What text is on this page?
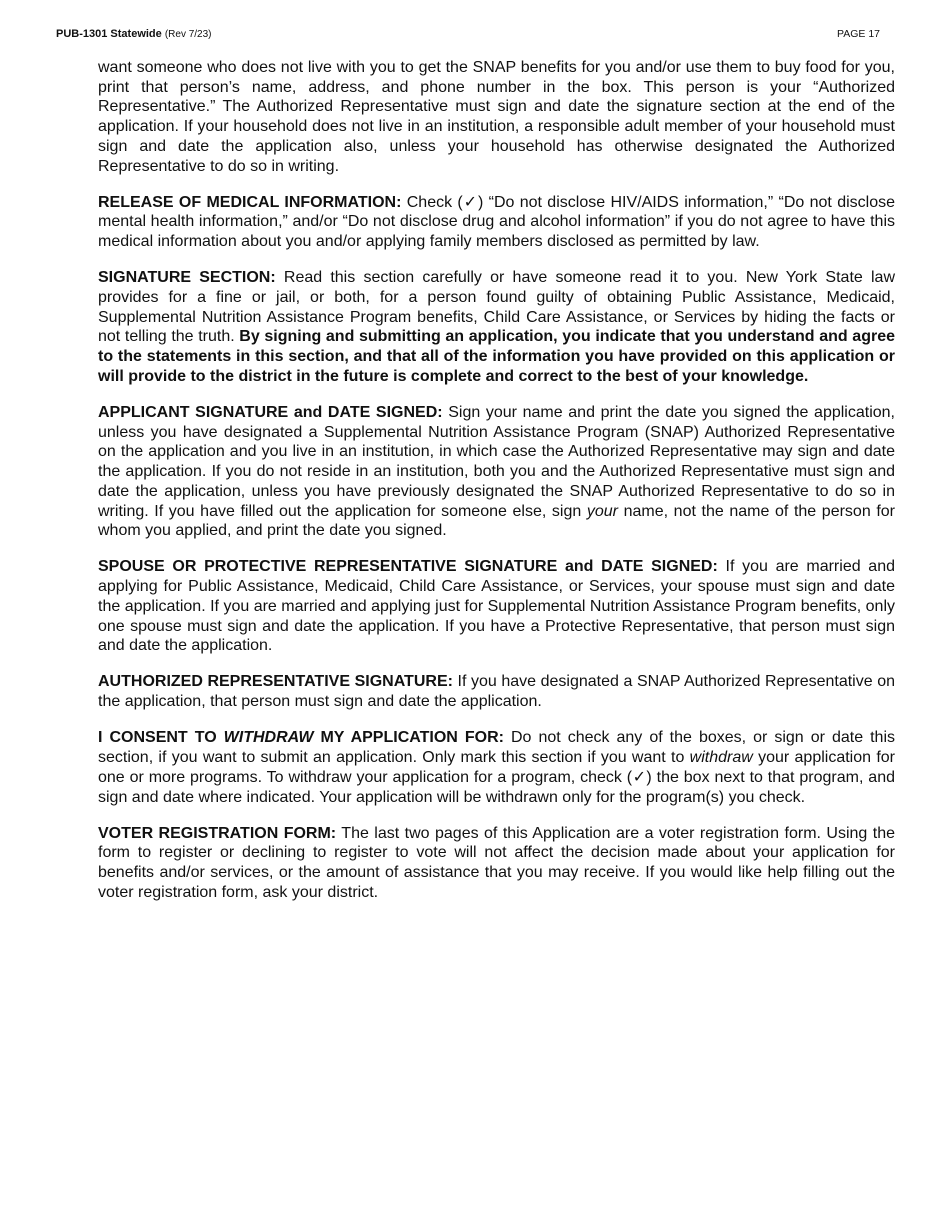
PUB-1301 Statewide (Rev 7/23)	PAGE 17

want someone who does not live with you to get the SNAP benefits for you and/or use them to buy food for you, print that person’s name, address, and phone number in the box. This person is your “Authorized Representative.” The Authorized Representative must sign and date the signature section at the end of the application. If your household does not live in an institution, a responsible adult member of your household must sign and date the application also, unless your household has otherwise designated the Authorized Representative to do so in writing.

RELEASE OF MEDICAL INFORMATION: Check (✓) “Do not disclose HIV/AIDS information,” “Do not disclose mental health information,” and/or “Do not disclose drug and alcohol information” if you do not agree to have this medical information about you and/or applying family members disclosed as permitted by law.

SIGNATURE SECTION: Read this section carefully or have someone read it to you. New York State law provides for a fine or jail, or both, for a person found guilty of obtaining Public Assistance, Medicaid, Supplemental Nutrition Assistance Program benefits, Child Care Assistance, or Services by hiding the facts or not telling the truth. By signing and submitting an application, you indicate that you understand and agree to the statements in this section, and that all of the information you have provided on this application or will provide to the district in the future is complete and correct to the best of your knowledge.

APPLICANT SIGNATURE and DATE SIGNED: Sign your name and print the date you signed the application, unless you have designated a Supplemental Nutrition Assistance Program (SNAP) Authorized Representative on the application and you live in an institution, in which case the Authorized Representative may sign and date the application. If you do not reside in an institution, both you and the Authorized Representative must sign and date the application, unless you have previously designated the SNAP Authorized Representative to do so in writing. If you have filled out the application for someone else, sign your name, not the name of the person for whom you applied, and print the date you signed.

SPOUSE OR PROTECTIVE REPRESENTATIVE SIGNATURE and DATE SIGNED: If you are married and applying for Public Assistance, Medicaid, Child Care Assistance, or Services, your spouse must sign and date the application. If you are married and applying just for Supplemental Nutrition Assistance Program benefits, only one spouse must sign and date the application. If you have a Protective Representative, that person must sign and date the application.

AUTHORIZED REPRESENTATIVE SIGNATURE: If you have designated a SNAP Authorized Representative on the application, that person must sign and date the application.

I CONSENT TO WITHDRAW MY APPLICATION FOR: Do not check any of the boxes, or sign or date this section, if you want to submit an application. Only mark this section if you want to withdraw your application for one or more programs. To withdraw your application for a program, check (✓) the box next to that program, and sign and date where indicated. Your application will be withdrawn only for the program(s) you check.

VOTER REGISTRATION FORM: The last two pages of this Application are a voter registration form. Using the form to register or declining to register to vote will not affect the decision made about your application for benefits and/or services, or the amount of assistance that you may receive. If you would like help filling out the voter registration form, ask your district.
